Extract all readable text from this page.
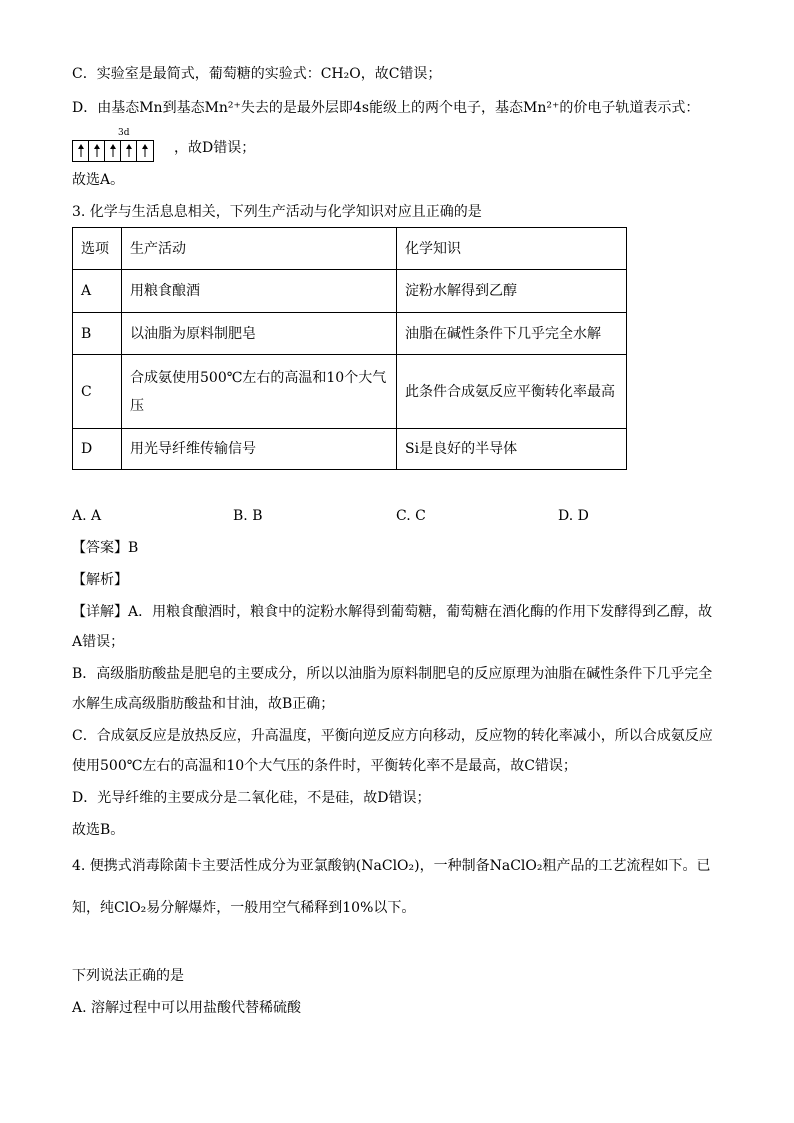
C．实验室是最简式，葡萄糖的实验式：CH₂O，故C错误；
D．由基态Mn到基态Mn²⁺失去的是最外层即4s能级上的两个电子，基态Mn²⁺的价电子轨道表示式：
3d
，故D错误；
故选A。
3. 化学与生活息息相关，下列生产活动与化学知识对应且正确的是
选项	生产活动	化学知识
A	用粮食酿酒	淀粉水解得到乙醇
B	以油脂为原料制肥皂	油脂在碱性条件下几乎完全水解
C	合成氨使用500℃左右的高温和10个大气压	此条件合成氨反应平衡转化率最高
D	用光导纤维传输信号	Si是良好的半导体
A. A	B. B	C. C	D. D
【答案】B
【解析】
【详解】A．用粮食酿酒时，粮食中的淀粉水解得到葡萄糖，葡萄糖在酒化酶的作用下发酵得到乙醇，故
A错误；
B．高级脂肪酸盐是肥皂的主要成分，所以以油脂为原料制肥皂的反应原理为油脂在碱性条件下几乎完全
水解生成高级脂肪酸盐和甘油，故B正确；
C．合成氨反应是放热反应，升高温度，平衡向逆反应方向移动，反应物的转化率减小，所以合成氨反应
使用500℃左右的高温和10个大气压的条件时，平衡转化率不是最高，故C错误；
D．光导纤维的主要成分是二氧化硅，不是硅，故D错误；
故选B。
4. 便携式消毒除菌卡主要活性成分为亚氯酸钠(NaClO₂)，一种制备NaClO₂粗产品的工艺流程如下。已
知，纯ClO₂易分解爆炸，一般用空气稀释到10%以下。
下列说法正确的是
A. 溶解过程中可以用盐酸代替稀硫酸
